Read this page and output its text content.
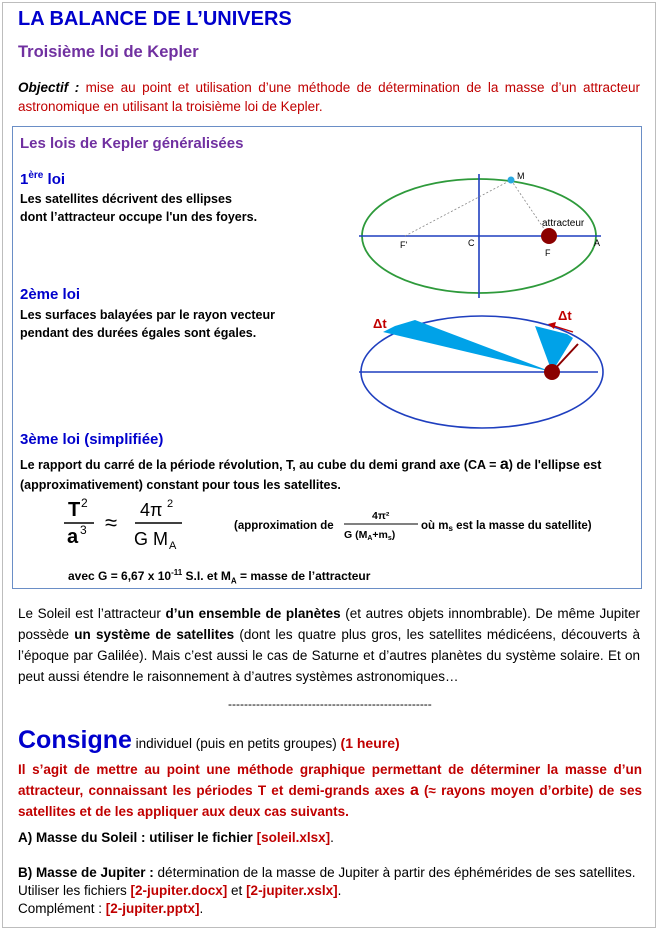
LA BALANCE DE L’UNIVERS
Troisième loi de Kepler
Objectif : mise au point et utilisation d’une méthode de détermination de la masse d’un attracteur astronomique en utilisant la troisième loi de Kepler.
Les lois de Kepler généralisées
1ère loi
Les satellites décrivent des ellipses
dont l’attracteur occupe l'un des foyers.
M
attracteur
F'	C
F
A
2ème loi
Les surfaces balayées par le rayon vecteur
pendant des durées égales sont égales.
Δt
Δt
3ème loi (simplifiée)
Le rapport du carré de la période révolution, T, au cube du demi grand axe (CA = a) de l'ellipse est (approximativement) constant pour tous les satellites.
T 2
a 3 ≈ 4π 2
G M A
(approximation de
4π²
G (MA+ms)
où ms est la masse du satellite)
avec G = 6,67 x $10^{-11}$ S.I. et $M_A$ = masse de l’attracteur
Le Soleil est l’attracteur d’un ensemble de planètes (et autres objets innombrable). De même Jupiter possède un système de satellites (dont les quatre plus gros, les satellites médicéens, découverts à l’époque par Galilée). Mais c’est aussi le cas de Saturne et d’autres planètes du système solaire. Et on peut aussi étendre le raisonnement à d’autres systèmes astronomiques…
---------------------------------------------------
Consigne individuel (puis en petits groupes) (1 heure)
Il s’agit de mettre au point une méthode graphique permettant de déterminer la masse d’un attracteur, connaissant les périodes T et demi-grands axes a (≈ rayons moyen d’orbite) de ses satellites et de les appliquer aux deux cas suivants.
A) Masse du Soleil : utiliser le fichier [soleil.xlsx].
B) Masse de Jupiter : détermination de la masse de Jupiter à partir des éphémérides de ses satellites.
Utiliser les fichiers [2-jupiter.docx] et [2-jupiter.xslx].
Complément : [2-jupiter.pptx].
